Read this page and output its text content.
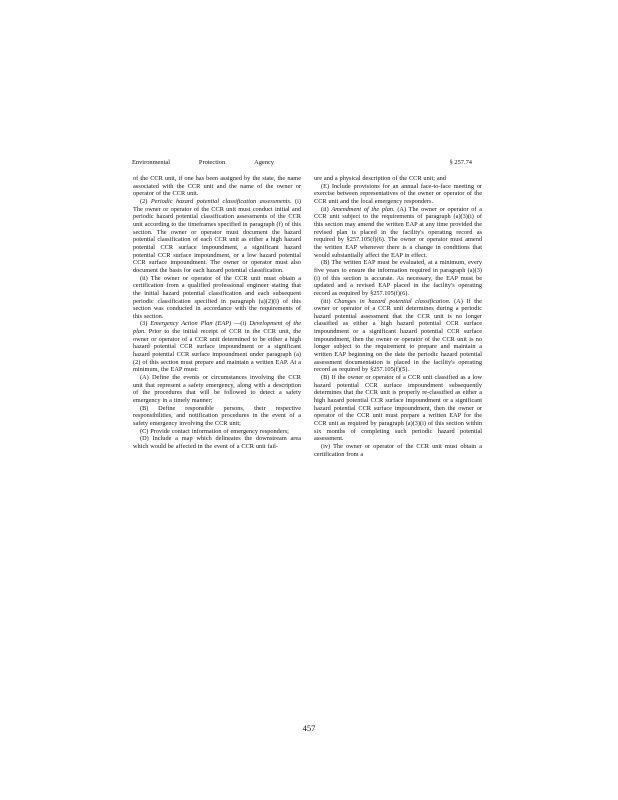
Environmental	Protection	Agency	§ 257.74

of the CCR unit, if one has been assigned by the state, the name associated with the CCR unit and the name of the owner or operator of the CCR unit.

(2) Periodic hazard potential classification assessments. (i) The owner or operator of the CCR unit must conduct initial and periodic hazard potential classification assessments of the CCR unit according to the timeframes specified in paragraph (f) of this section. The owner or operator must document the hazard potential classification of each CCR unit as either a high hazard potential CCR surface impoundment, a significant hazard potential CCR surface impoundment, or a low hazard potential CCR surface impoundment. The owner or operator must also document the basis for each hazard potential classification.

(ii) The owner or operator of the CCR unit must obtain a certification from a qualified professional engineer stating that the initial hazard potential classification and each subsequent periodic classification specified in paragraph (a)(2)(i) of this section was conducted in accordance with the requirements of this section.

(3) Emergency Action Plan (EAP) —(i) Development of the plan. Prior to the initial receipt of CCR in the CCR unit, the owner or operator of a CCR unit determined to be either a high hazard potential CCR surface impoundment or a significant hazard potential CCR surface impoundment under paragraph (a)(2) of this section must prepare and maintain a written EAP. At a minimum, the EAP must:

(A) Define the events or circumstances involving the CCR unit that represent a safety emergency, along with a description of the procedures that will be followed to detect a safety emergency in a timely manner;

(B) Define responsible persons, their respective responsibilities, and notification procedures in the event of a safety emergency involving the CCR unit;

(C) Provide contact information of emergency responders;

(D) Include a map which delineates the downstream area which would be affected in the event of a CCR unit fail-

ure and a physical description of the CCR unit; and

(E) Include provisions for an annual face-to-face meeting or exercise between representatives of the owner or operator of the CCR unit and the local emergency responders.

(ii) Amendment of the plan. (A) The owner or operator of a CCR unit subject to the requirements of paragraph (a)(3)(i) of this section may amend the written EAP at any time provided the revised plan is placed in the facility's operating record as required by §257.105(f)(6). The owner or operator must amend the written EAP whenever there is a change in conditions that would substantially affect the EAP in effect.

(B) The written EAP must be evaluated, at a minimum, every five years to ensure the information required in paragraph (a)(3)(i) of this section is accurate. As necessary, the EAP must be updated and a revised EAP placed in the facility's operating record as required by §257.105(f)(6).

(iii) Changes in hazard potential classification. (A) If the owner or operator of a CCR unit determines during a periodic hazard potential assessment that the CCR unit is no longer classified as either a high hazard potential CCR surface impoundment or a significant hazard potential CCR surface impoundment, then the owner or operator of the CCR unit is no longer subject to the requirement to prepare and maintain a written EAP beginning on the date the periodic hazard potential assessment documentation is placed in the facility's operating record as required by §257.105(f)(5).

(B) If the owner or operator of a CCR unit classified as a low hazard potential CCR surface impoundment subsequently determines that the CCR unit is properly re-classified as either a high hazard potential CCR surface impoundment or a significant hazard potential CCR surface impoundment, then the owner or operator of the CCR unit must prepare a written EAP for the CCR unit as required by paragraph (a)(3)(i) of this section within six months of completing such periodic hazard potential assessment.

(iv) The owner or operator of the CCR unit must obtain a certification from a

457
